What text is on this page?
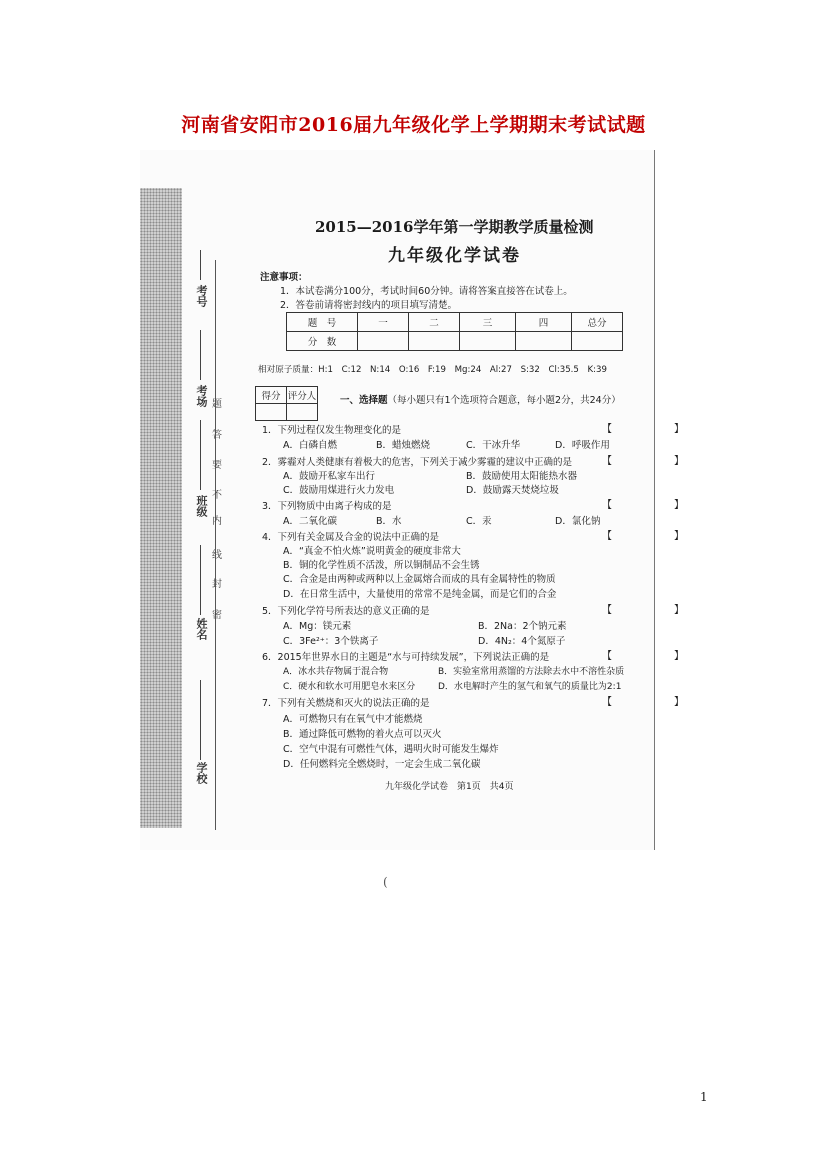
河南省安阳市2016届九年级化学上学期期末考试试题
考号
考场
班级
姓名
学校
题
答
要
不
内
线
封
密
2015—2016学年第一学期教学质量检测
九年级化学试卷
注意事项：
1．本试卷满分100分，考试时间60分钟。请将答案直接答在试卷上。
2．答卷前请将密封线内的项目填写清楚。
题　号	一	二	三	四	总分
分　数					
相对原子质量：H:1　C:12　N:14　O:16　F:19　Mg:24　Al:27　S:32　Cl:35.5　K:39
得分	评分人
		一、选择题（每小题只有1个选项符合题意，每小题2分，共24分）
1．下列过程仅发生物理变化的是	【　　】
A．白磷自燃	B．蜡烛燃烧	C．干冰升华	D．呼吸作用
2．雾霾对人类健康有着极大的危害，下列关于减少雾霾的建议中正确的是	【　　】
A．鼓励开私家车出行	B．鼓励使用太阳能热水器
C．鼓励用煤进行火力发电	D．鼓励露天焚烧垃圾
3．下列物质中由离子构成的是	【　　】
A．二氧化碳	B．水	C．汞	D．氯化钠
4．下列有关金属及合金的说法中正确的是	【　　】
A．“真金不怕火炼”说明黄金的硬度非常大
B．铜的化学性质不活泼，所以铜制品不会生锈
C．合金是由两种或两种以上金属熔合而成的具有金属特性的物质
D．在日常生活中，大量使用的常常不是纯金属，而是它们的合金
5．下列化学符号所表达的意义正确的是	【　　】
A．Mg：镁元素	B．2Na：2个钠元素
C．3Fe²⁺：3个铁离子	D．4N₂：4个氮原子
6．2015年世界水日的主题是“水与可持续发展”，下列说法正确的是	【　　】
A．冰水共存物属于混合物	B．实验室常用蒸馏的方法除去水中不溶性杂质
C．硬水和软水可用肥皂水来区分	D．水电解时产生的氢气和氧气的质量比为2:1
7．下列有关燃烧和灭火的说法正确的是	【　　】
A．可燃物只有在氧气中才能燃烧
B．通过降低可燃物的着火点可以灭火
C．空气中混有可燃性气体，遇明火时可能发生爆炸
D．任何燃料完全燃烧时，一定会生成二氧化碳
九年级化学试卷　第1页　共4页
(
1
